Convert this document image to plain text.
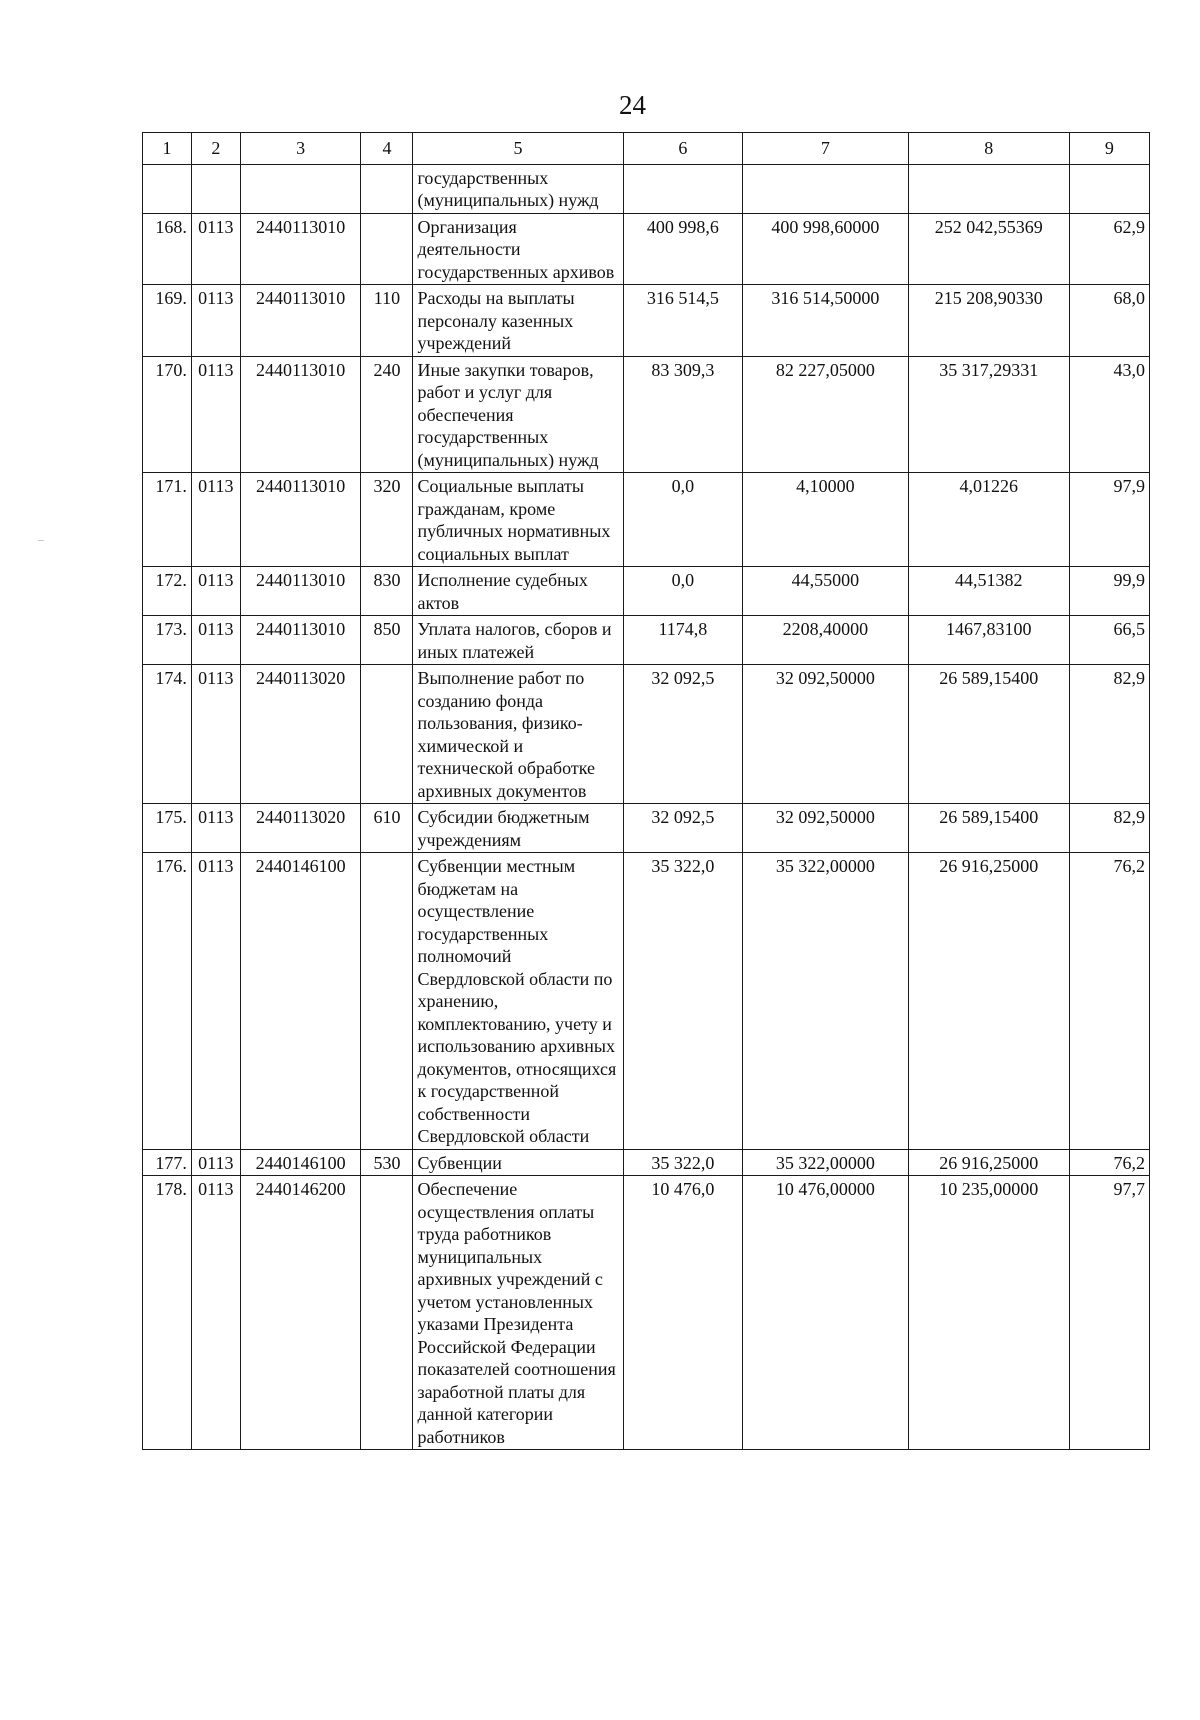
24
1	2	3	4	5	6	7	8	9
				государственных (муниципальных) нужд				
168.	0113	2440113010		Организация деятельности государственных архивов	400 998,6	400 998,60000	252 042,55369	62,9
169.	0113	2440113010	110	Расходы на выплаты персоналу казенных учреждений	316 514,5	316 514,50000	215 208,90330	68,0
170.	0113	2440113010	240	Иные закупки товаров, работ и услуг для обеспечения государственных (муниципальных) нужд	83 309,3	82 227,05000	35 317,29331	43,0
171.	0113	2440113010	320	Социальные выплаты гражданам, кроме публичных нормативных социальных выплат	0,0	4,10000	4,01226	97,9
172.	0113	2440113010	830	Исполнение судебных актов	0,0	44,55000	44,51382	99,9
173.	0113	2440113010	850	Уплата налогов, сборов и иных платежей	1174,8	2208,40000	1467,83100	66,5
174.	0113	2440113020		Выполнение работ по созданию фонда пользования, физико-химической и технической обработке архивных документов	32 092,5	32 092,50000	26 589,15400	82,9
175.	0113	2440113020	610	Субсидии бюджетным учреждениям	32 092,5	32 092,50000	26 589,15400	82,9
176.	0113	2440146100		Субвенции местным бюджетам на осуществление государственных полномочий Свердловской области по хранению, комплектованию, учету и использованию архивных документов, относящихся к государственной собственности Свердловской области	35 322,0	35 322,00000	26 916,25000	76,2
177.	0113	2440146100	530	Субвенции	35 322,0	35 322,00000	26 916,25000	76,2
178.	0113	2440146200		Обеспечение осуществления оплаты труда работников муниципальных архивных учреждений с учетом установленных указами Президента Российской Федерации показателей соотношения заработной платы для данной категории работников	10 476,0	10 476,00000	10 235,00000	97,7
